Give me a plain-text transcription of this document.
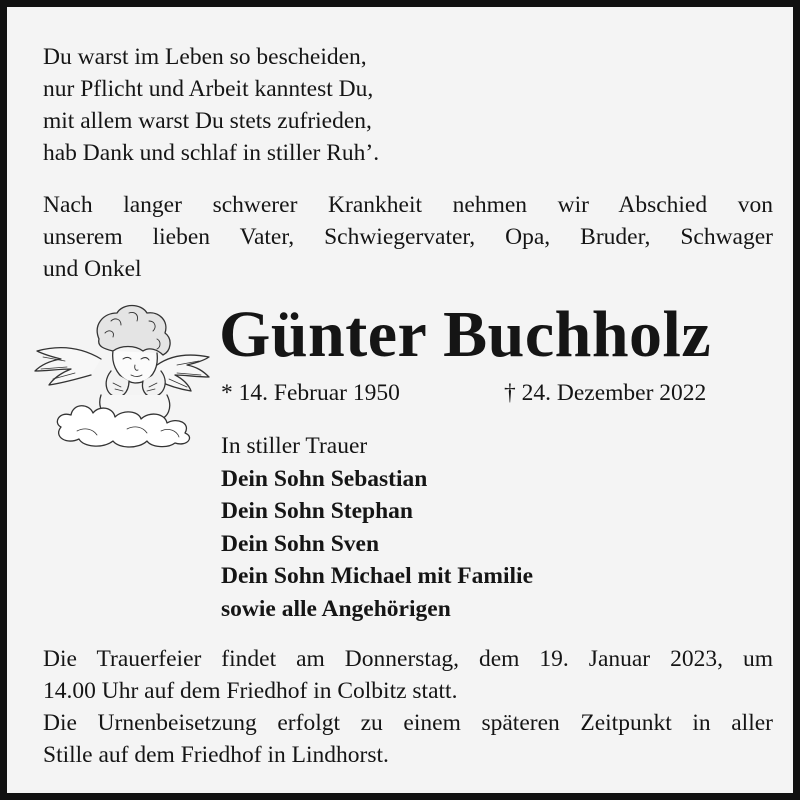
Du warst im Leben so bescheiden,
nur Pflicht und Arbeit kanntest Du,
mit allem warst Du stets zufrieden,
hab Dank und schlaf in stiller Ruh’.
Nach langer schwerer Krankheit nehmen wir Abschied von
unserem lieben Vater, Schwiegervater, Opa, Bruder, Schwager
und Onkel
Günter Buchholz
* 14. Februar 1950	† 24. Dezember 2022
In stiller Trauer
Dein Sohn Sebastian
Dein Sohn Stephan
Dein Sohn Sven
Dein Sohn Michael mit Familie
sowie alle Angehörigen
Die Trauerfeier findet am Donnerstag, dem 19. Januar 2023, um
14.00 Uhr auf dem Friedhof in Colbitz statt.
Die Urnenbeisetzung erfolgt zu einem späteren Zeitpunkt in aller
Stille auf dem Friedhof in Lindhorst.
